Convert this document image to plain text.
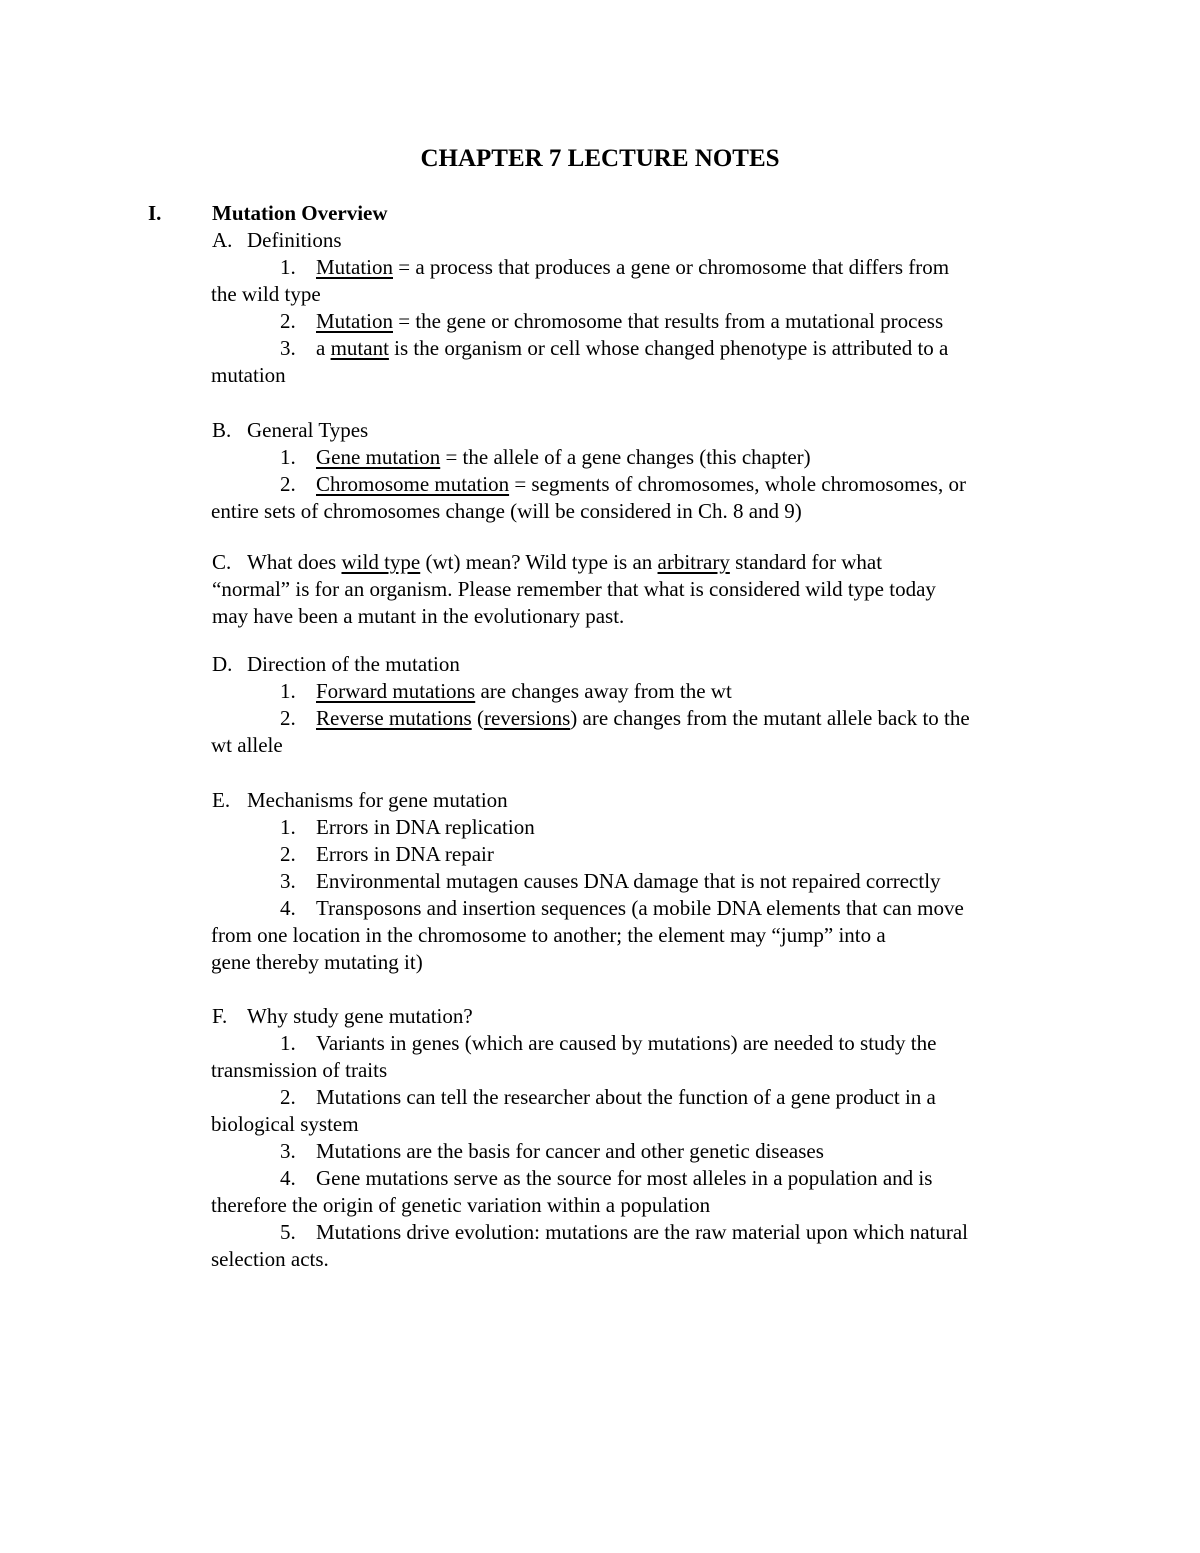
CHAPTER 7 LECTURE NOTES
I. Mutation Overview

A. Definitions

1. Mutation = a process that produces a gene or chromosome that differs from
the wild type

2. Mutation = the gene or chromosome that results from a mutational process

3. a mutant is the organism or cell whose changed phenotype is attributed to a
mutation

B. General Types

1. Gene mutation = the allele of a gene changes (this chapter)

2. Chromosome mutation = segments of chromosomes, whole chromosomes, or
entire sets of chromosomes change (will be considered in Ch. 8 and 9)

C. What does wild type (wt) mean? Wild type is an arbitrary standard for what
“normal” is for an organism. Please remember that what is considered wild type today
may have been a mutant in the evolutionary past.

D. Direction of the mutation

1. Forward mutations are changes away from the wt

2. Reverse mutations (reversions) are changes from the mutant allele back to the
wt allele

E. Mechanisms for gene mutation

1. Errors in DNA replication

2. Errors in DNA repair

3. Environmental mutagen causes DNA damage that is not repaired correctly

4. Transposons and insertion sequences (a mobile DNA elements that can move
from one location in the chromosome to another; the element may “jump” into a
gene thereby mutating it)

F. Why study gene mutation?

1. Variants in genes (which are caused by mutations) are needed to study the
transmission of traits

2. Mutations can tell the researcher about the function of a gene product in a
biological system

3. Mutations are the basis for cancer and other genetic diseases

4. Gene mutations serve as the source for most alleles in a population and is
therefore the origin of genetic variation within a population

5. Mutations drive evolution: mutations are the raw material upon which natural
selection acts.
